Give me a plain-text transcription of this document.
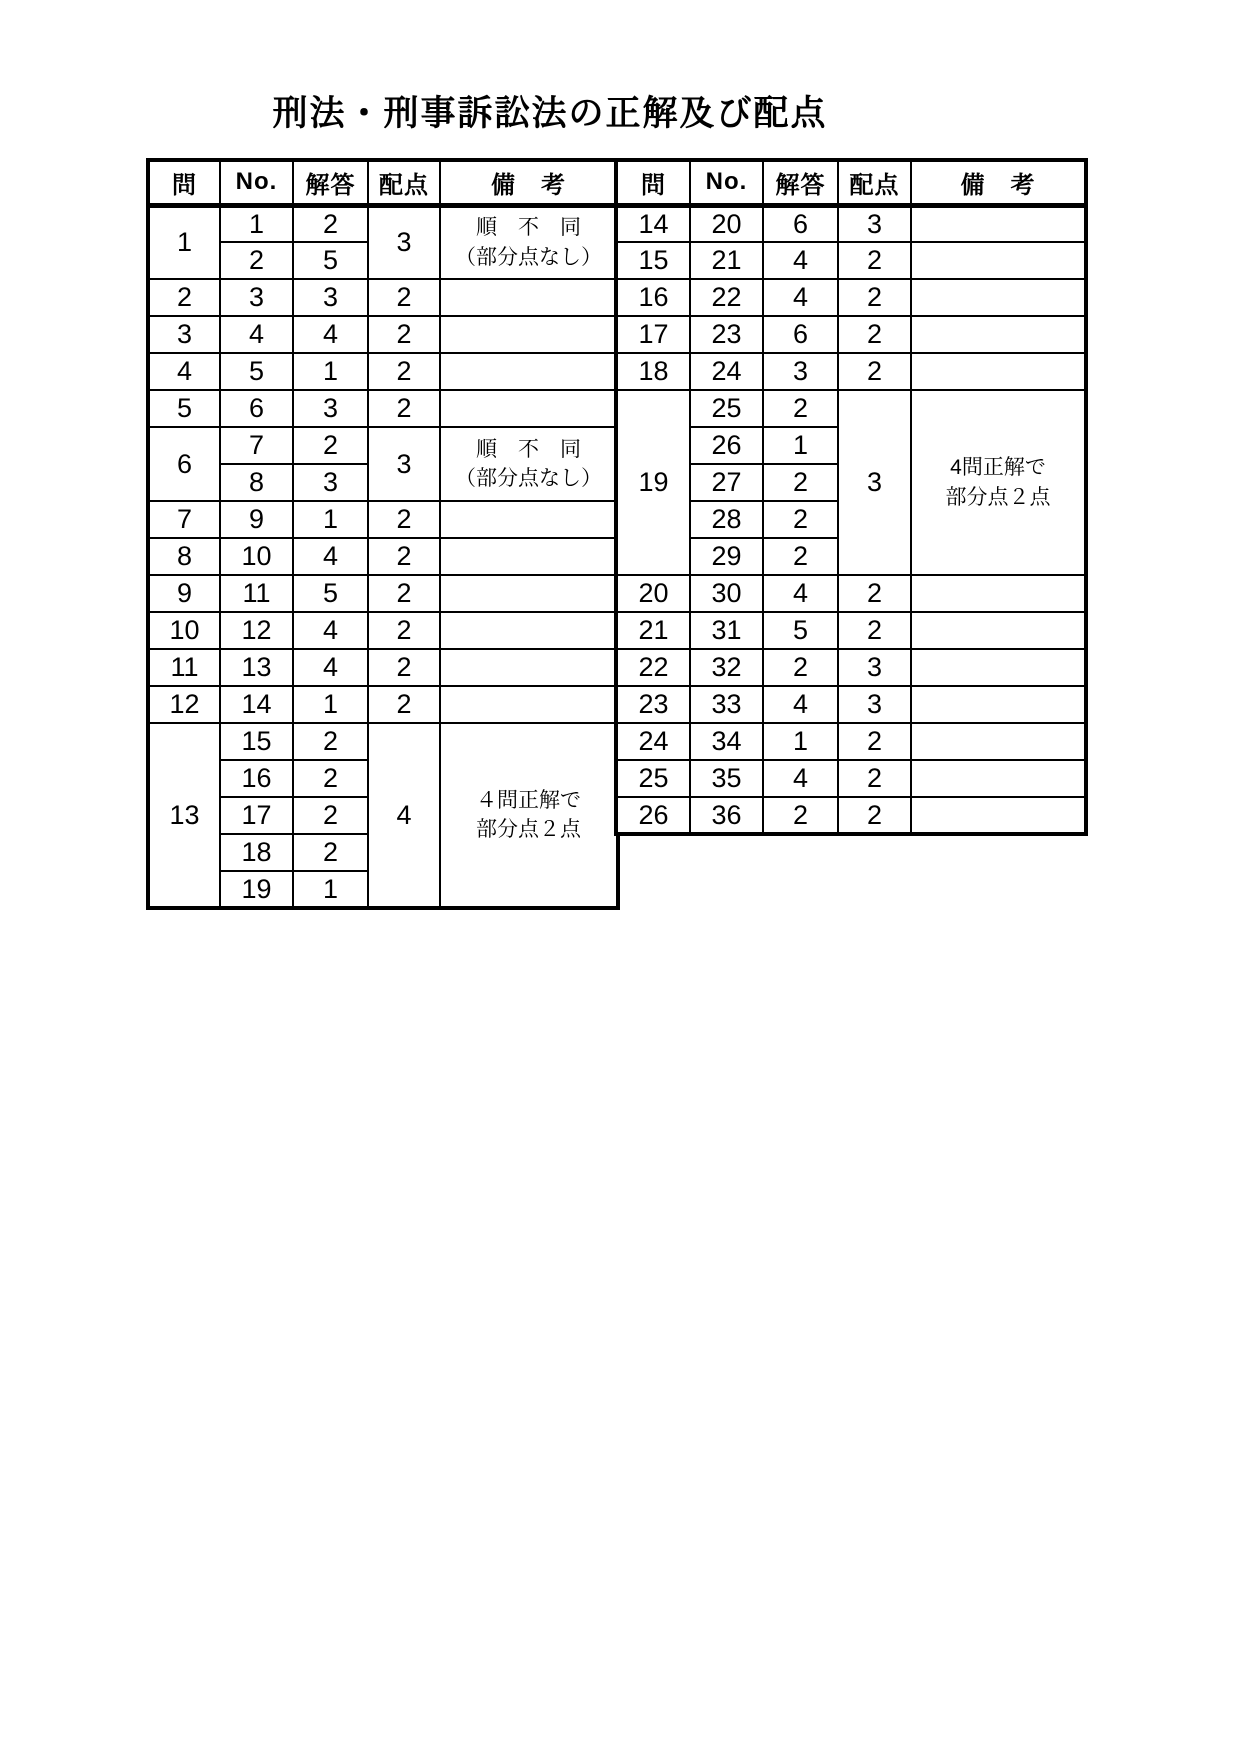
刑法・刑事訴訟法の正解及び配点
問	No.	解答	配点	備　考
1	1	2	3	順　不　同
（部分点なし）
	2	5		
2	3	3	2	
3	4	4	2	
4	5	1	2	
5	6	3	2	
6	7	2	3	順　不　同
（部分点なし）
	8	3		
7	9	1	2	
8	10	4	2	
9	11	5	2	
10	12	4	2	
11	13	4	2	
12	14	1	2	
13	15	2	4	４問正解で
部分点２点
	16	2		
	17	2		
	18	2		
	19	1		
問	No.	解答	配点	備　考
14	20	6	3	
15	21	4	2	
16	22	4	2	
17	23	6	2	
18	24	3	2	
19	25	2	3	4問正解で
部分点２点
	26	1		
	27	2		
	28	2		
	29	2		
20	30	4	2	
21	31	5	2	
22	32	2	3	
23	33	4	3	
24	34	1	2	
25	35	4	2	
26	36	2	2	
